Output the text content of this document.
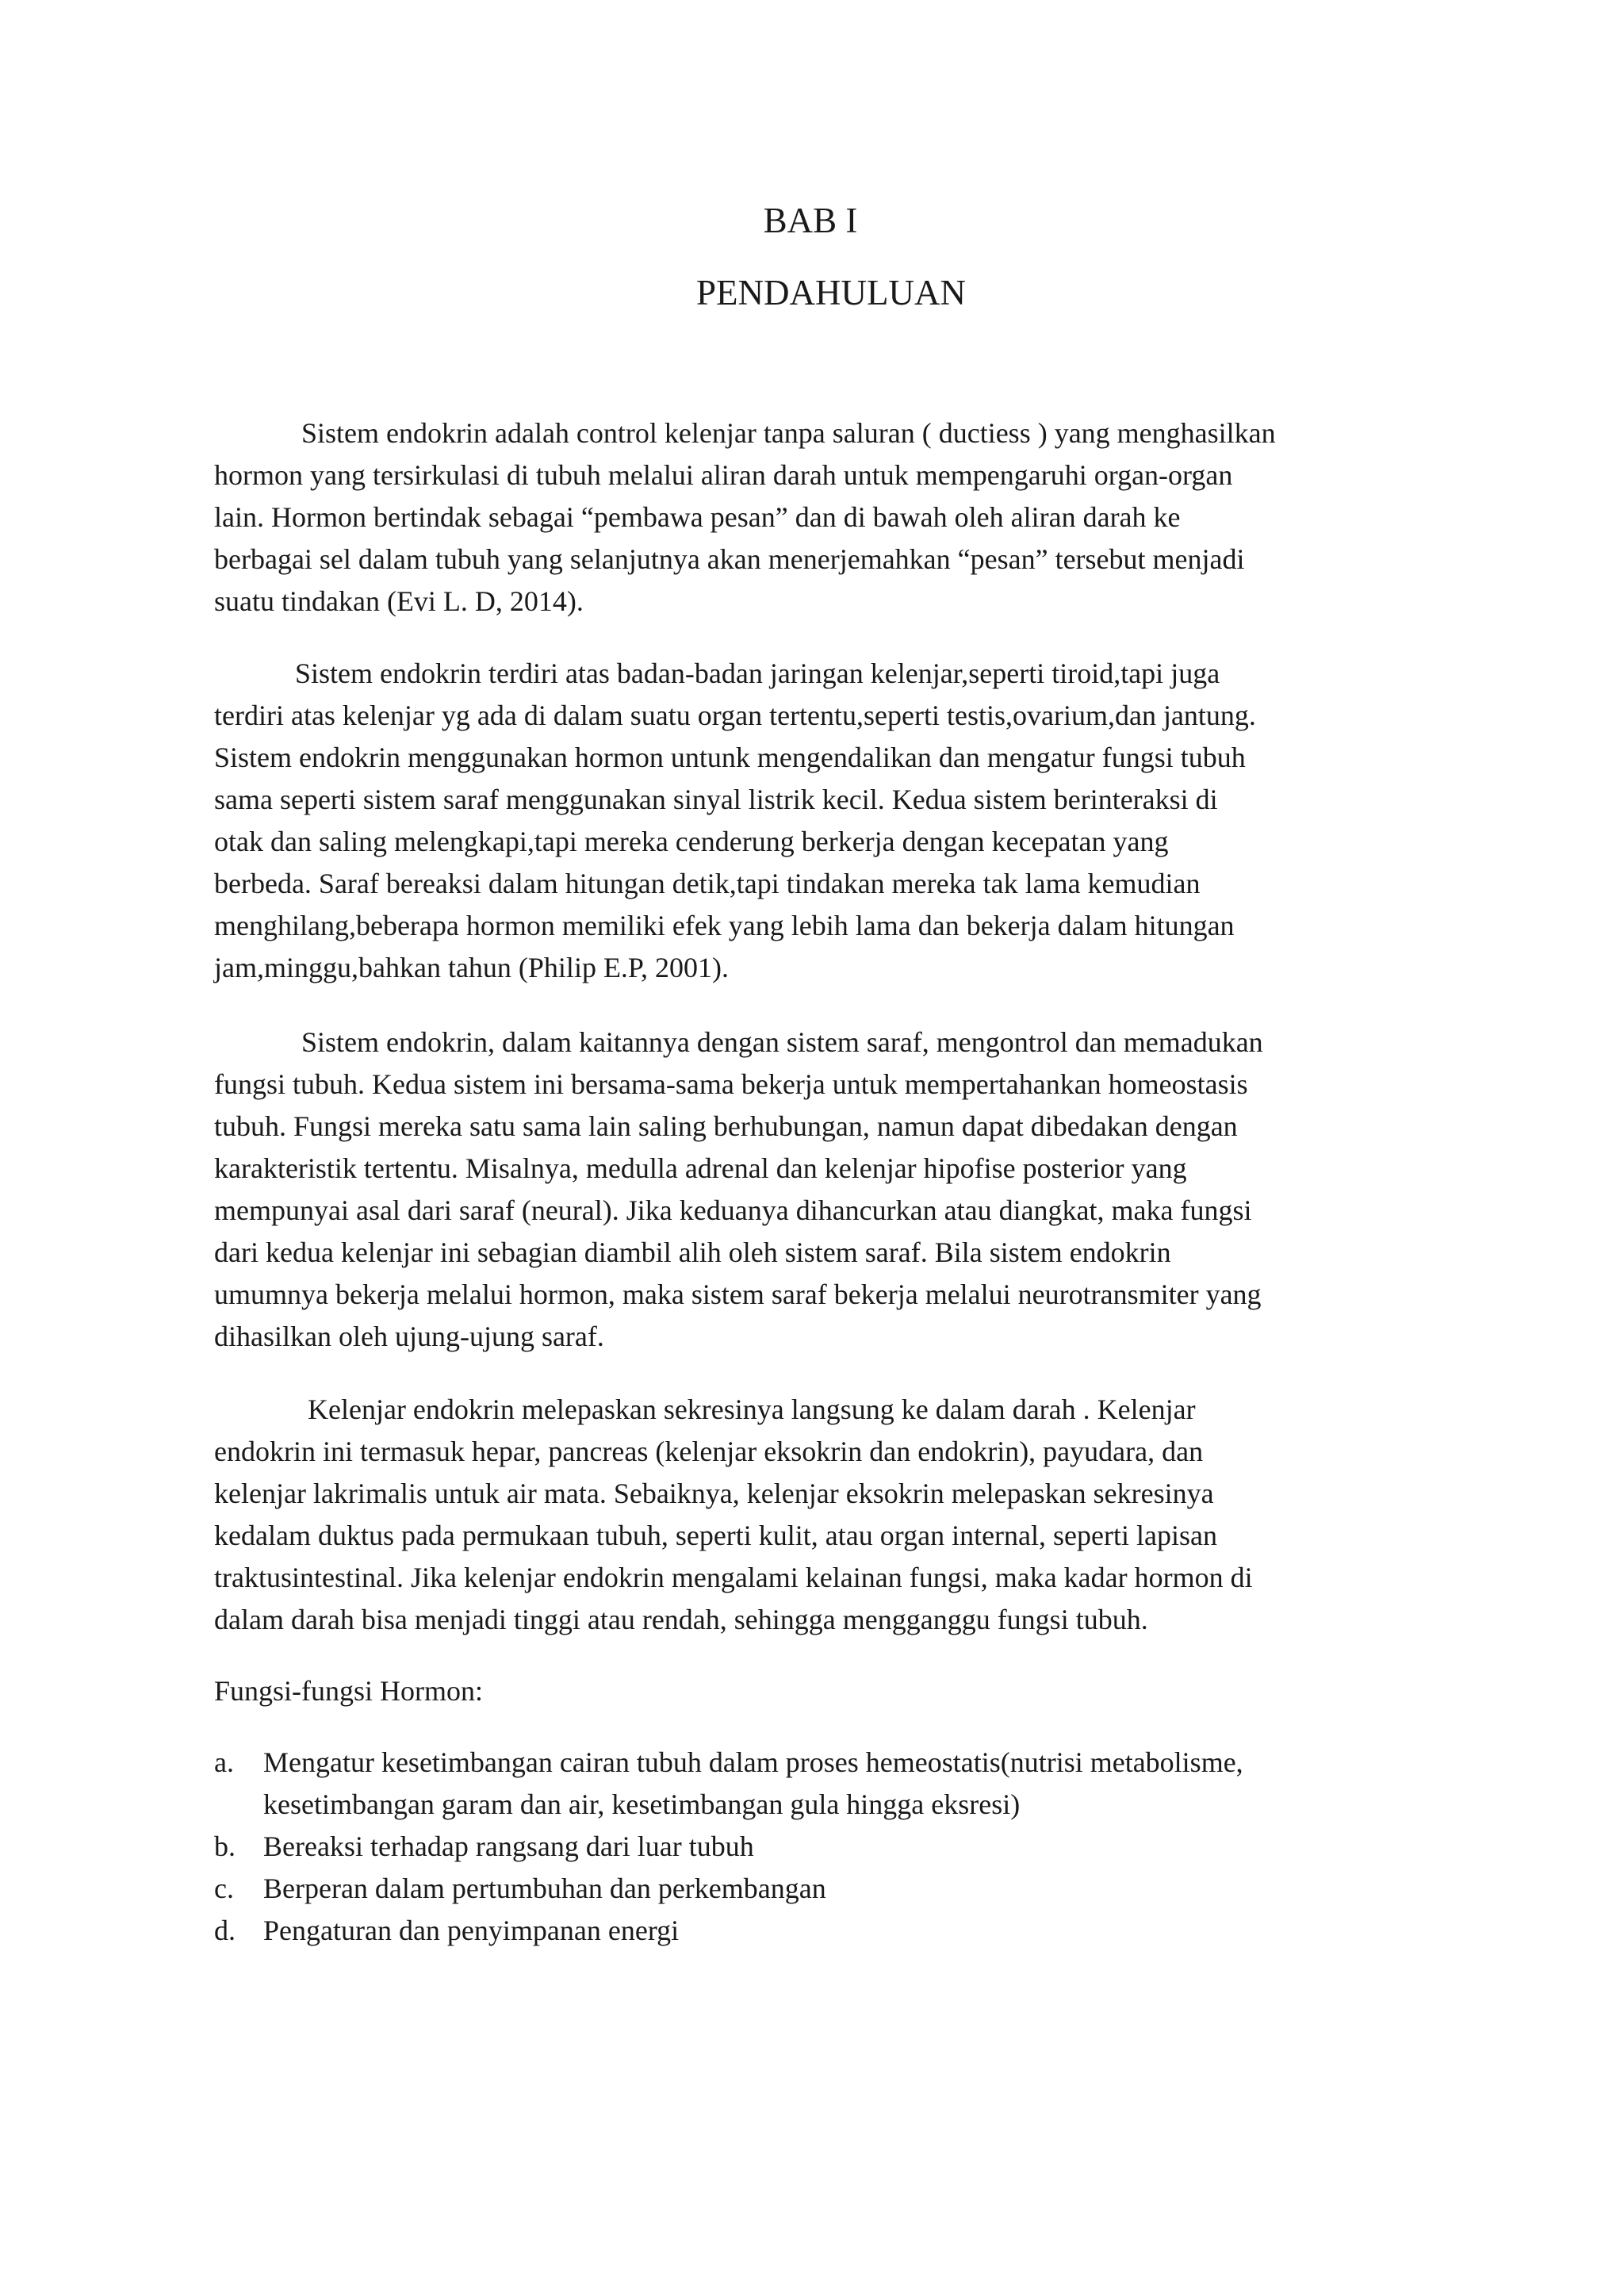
BAB I
PENDAHULUAN

Sistem endokrin adalah control kelenjar tanpa saluran ( ductiess ) yang menghasilkan
hormon yang tersirkulasi di tubuh melalui aliran darah untuk mempengaruhi organ-organ
lain. Hormon bertindak sebagai “pembawa pesan” dan di bawah oleh aliran darah ke
berbagai sel dalam tubuh yang selanjutnya akan menerjemahkan “pesan” tersebut menjadi
suatu tindakan (Evi L. D, 2014).

Sistem endokrin terdiri atas badan-badan jaringan kelenjar,seperti tiroid,tapi juga
terdiri atas kelenjar yg ada di dalam suatu organ tertentu,seperti testis,ovarium,dan jantung.
Sistem endokrin menggunakan hormon untunk mengendalikan dan mengatur fungsi tubuh
sama seperti sistem saraf menggunakan sinyal listrik kecil. Kedua sistem berinteraksi di
otak dan saling melengkapi,tapi mereka cenderung berkerja dengan kecepatan yang
berbeda. Saraf bereaksi dalam hitungan detik,tapi tindakan mereka tak lama kemudian
menghilang,beberapa hormon memiliki efek yang lebih lama dan bekerja dalam hitungan
jam,minggu,bahkan tahun (Philip E.P, 2001).

Sistem endokrin, dalam kaitannya dengan sistem saraf, mengontrol dan memadukan
fungsi tubuh. Kedua sistem ini bersama-sama bekerja untuk mempertahankan homeostasis
tubuh. Fungsi mereka satu sama lain saling berhubungan, namun dapat dibedakan dengan
karakteristik tertentu. Misalnya, medulla adrenal dan kelenjar hipofise posterior yang
mempunyai asal dari saraf (neural). Jika keduanya dihancurkan atau diangkat, maka fungsi
dari kedua kelenjar ini sebagian diambil alih oleh sistem saraf. Bila sistem endokrin
umumnya bekerja melalui hormon, maka sistem saraf bekerja melalui neurotransmiter yang
dihasilkan oleh ujung-ujung saraf.

Kelenjar endokrin melepaskan sekresinya langsung ke dalam darah . Kelenjar
endokrin ini termasuk hepar, pancreas (kelenjar eksokrin dan endokrin), payudara, dan
kelenjar lakrimalis untuk air mata. Sebaiknya, kelenjar eksokrin melepaskan sekresinya
kedalam duktus pada permukaan tubuh, seperti kulit, atau organ internal, seperti lapisan
traktusintestinal. Jika kelenjar endokrin mengalami kelainan fungsi, maka kadar hormon di
dalam darah bisa menjadi tinggi atau rendah, sehingga mengganggu fungsi tubuh.

Fungsi-fungsi Hormon:

a. Mengatur kesetimbangan cairan tubuh dalam proses hemeostatis(nutrisi metabolisme,
kesetimbangan garam dan air, kesetimbangan gula hingga eksresi)
b. Bereaksi terhadap rangsang dari luar tubuh
c. Berperan dalam pertumbuhan dan perkembangan
d. Pengaturan dan penyimpanan energi
